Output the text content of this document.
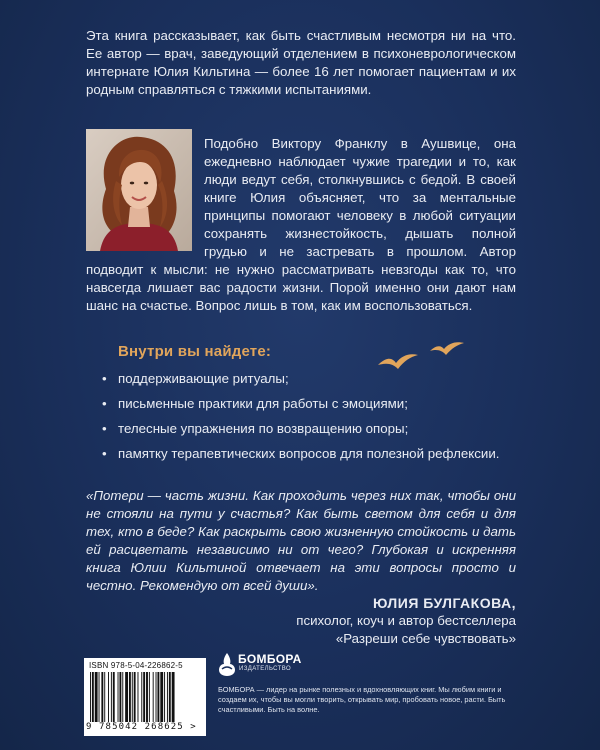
Эта книга рассказывает, как быть счастливым несмотря ни на что. Ее автор — врач, заведующий отделением в психоневрологическом интернате Юлия Кильтина — более 16 лет помогает пациентам и их родным справляться с тяжкими испытаниями.

Подобно Виктору Франклу в Аушвице, она ежедневно наблюдает чужие трагедии и то, как люди ведут себя, столкнувшись с бедой. В своей книге Юлия объясняет, что за ментальные принципы помогают человеку в любой ситуации сохранять жизнестойкость, дышать полной грудью и не застревать в прошлом. Автор подводит к мысли: не нужно рассматривать невзгоды как то, что навсегда лишает вас радости жизни. Порой именно они дают нам шанс на счастье. Вопрос лишь в том, как им воспользоваться.
Внутри вы найдете:
• поддерживающие ритуалы;
• письменные практики для работы с эмоциями;
• телесные упражнения по возвращению опоры;
• памятку терапевтических вопросов для полезной рефлексии.

«Потери — часть жизни. Как проходить через них так, чтобы они не стояли на пути у счастья? Как быть светом для себя и для тех, кто в беде? Как раскрыть свою жизненную стойкость и дать ей расцветать независимо ни от чего? Глубокая и искренняя книга Юлии Кильтиной отвечает на эти вопросы просто и честно. Рекомендую от всей души».

ЮЛИЯ БУЛГАКОВА,
психолог, коуч и автор бестселлера
«Разреши себе чувствовать»
ISBN 978-5-04-226862-5
9 785042 268625 >
БОМБОРА
ИЗДАТЕЛЬСТВО
БОМБОРА — лидер на рынке полезных и вдохновляющих книг. Мы любим книги и создаем их, чтобы вы могли творить, открывать мир, пробовать новое, расти. Быть счастливыми. Быть на волне.
